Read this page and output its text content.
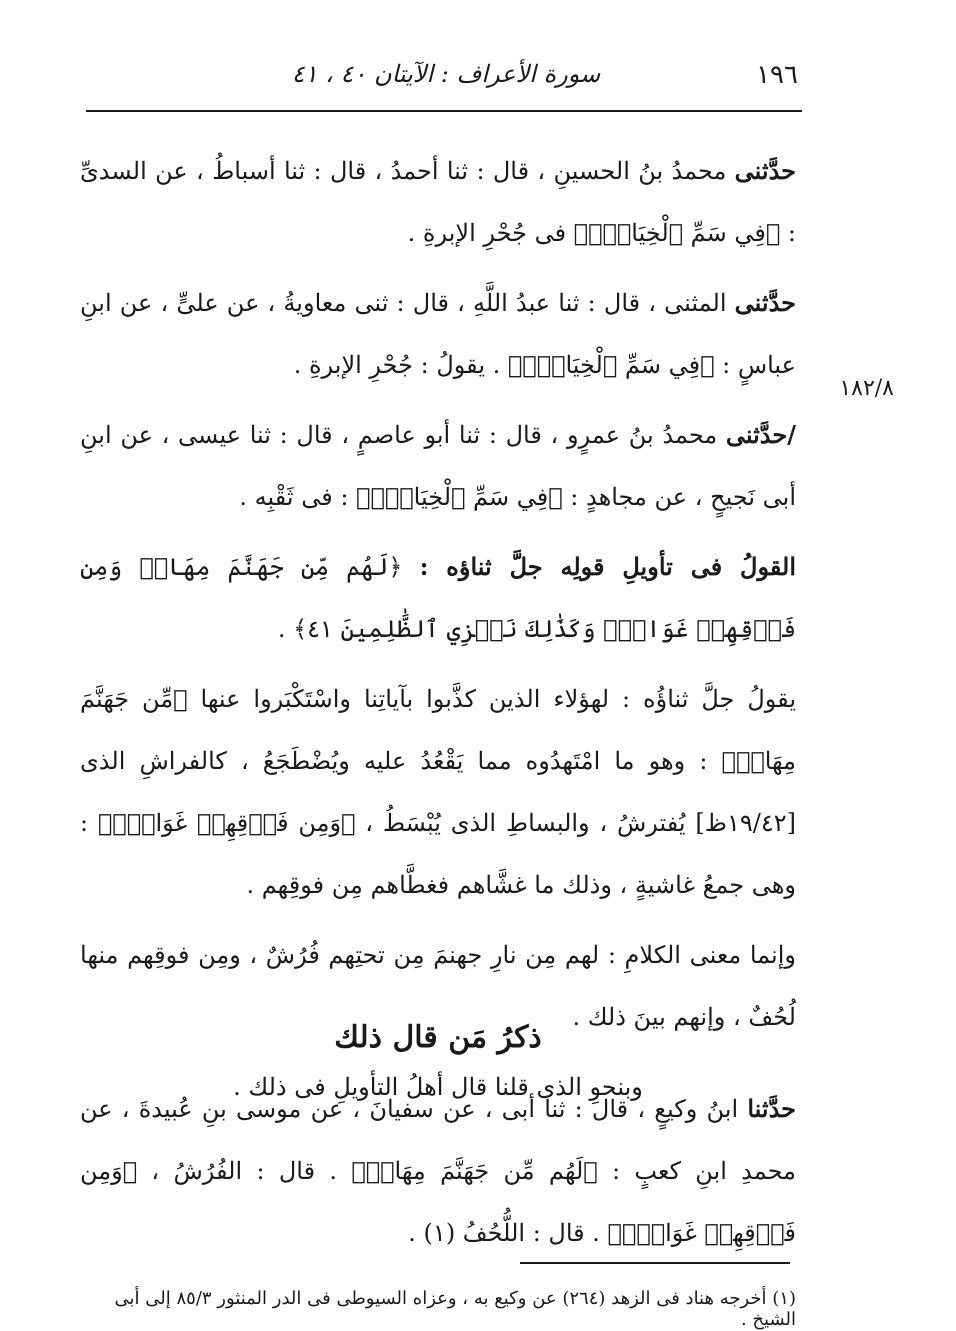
١٩٦
سورة الأعراف : الآيتان ٤٠ ، ٤١
١٨٢/٨

حدَّثنى محمدُ بنُ الحسينِ ، قال : ثنا أحمدُ ، قال : ثنا أسباطُ ، عن السدىِّ : ﴿فِي سَمِّ ٱلْخِيَاطِۚ﴾ فى جُحْرِ الإبرةِ .

حدَّثنى المثنى ، قال : ثنا عبدُ اللَّهِ ، قال : ثنى معاويةُ ، عن علىٍّ ، عن ابنِ عباسٍ : ﴿فِي سَمِّ ٱلْخِيَاطِۚ﴾ . يقولُ : جُحْرِ الإبرةِ .

/حدَّثنى محمدُ بنُ عمرٍو ، قال : ثنا أبو عاصمٍ ، قال : ثنا عيسى ، عن ابنِ أبى نَجيحٍ ، عن مجاهدٍ : ﴿فِي سَمِّ ٱلْخِيَاطِۚ﴾ : فى ثَقْبِه .

القولُ فى تأويلِ قولِه جلَّ ثناؤه : ﴿لَهُم مِّن جَهَنَّمَ مِهَادٞ وَمِن فَوۡقِهِمۡ غَوَاشٖۚ وَكَذَٰلِكَ نَجۡزِي ٱلظَّٰلِمِينَ ٤١﴾ .

يقولُ جلَّ ثناؤُه : لهؤلاء الذين كذَّبوا بآياتِنا واسْتَكْبَروا عنها ﴿مِّن جَهَنَّمَ مِهَادٞ﴾ : وهو ما امْتَهدُوه مما يَقْعُدُ عليه ويُضْطَجَعُ ، كالفراشِ الذى [١٩/٤٢ظ] يُفترشُ ، والبساطِ الذى يُبْسَطُ ، ﴿وَمِن فَوۡقِهِمۡ غَوَاشٖۚ﴾ : وهى جمعُ غاشيةٍ ، وذلك ما غشَّاهم فغطَّاهم مِن فوقِهم .

وإنما معنى الكلامِ : لهم مِن نارِ جهنمَ مِن تحتِهم فُرُشٌ ، ومِن فوقِهم منها لُحُفٌ ، وإنهم بينَ ذلك .

وبنحوِ الذى قلنا قال أهلُ التأويلِ فى ذلك .

ذكرُ مَن قال ذلك

حدَّثنا ابنُ وكيعٍ ، قال : ثنا أبى ، عن سفيانَ ، عن موسى بنِ عُبيدةَ ، عن محمدِ ابنِ كعبٍ : ﴿لَهُم مِّن جَهَنَّمَ مِهَادٞ﴾ . قال : الفُرُشُ ، ﴿وَمِن فَوۡقِهِمۡ غَوَاشٖۚ﴾ . قال : اللُّحُفُ (١) .

(١) أخرجه هناد فى الزهد (٢٦٤) عن وكيع به ، وعزاه السيوطى فى الدر المنثور ٨٥/٣ إلى أبى الشيخ .
